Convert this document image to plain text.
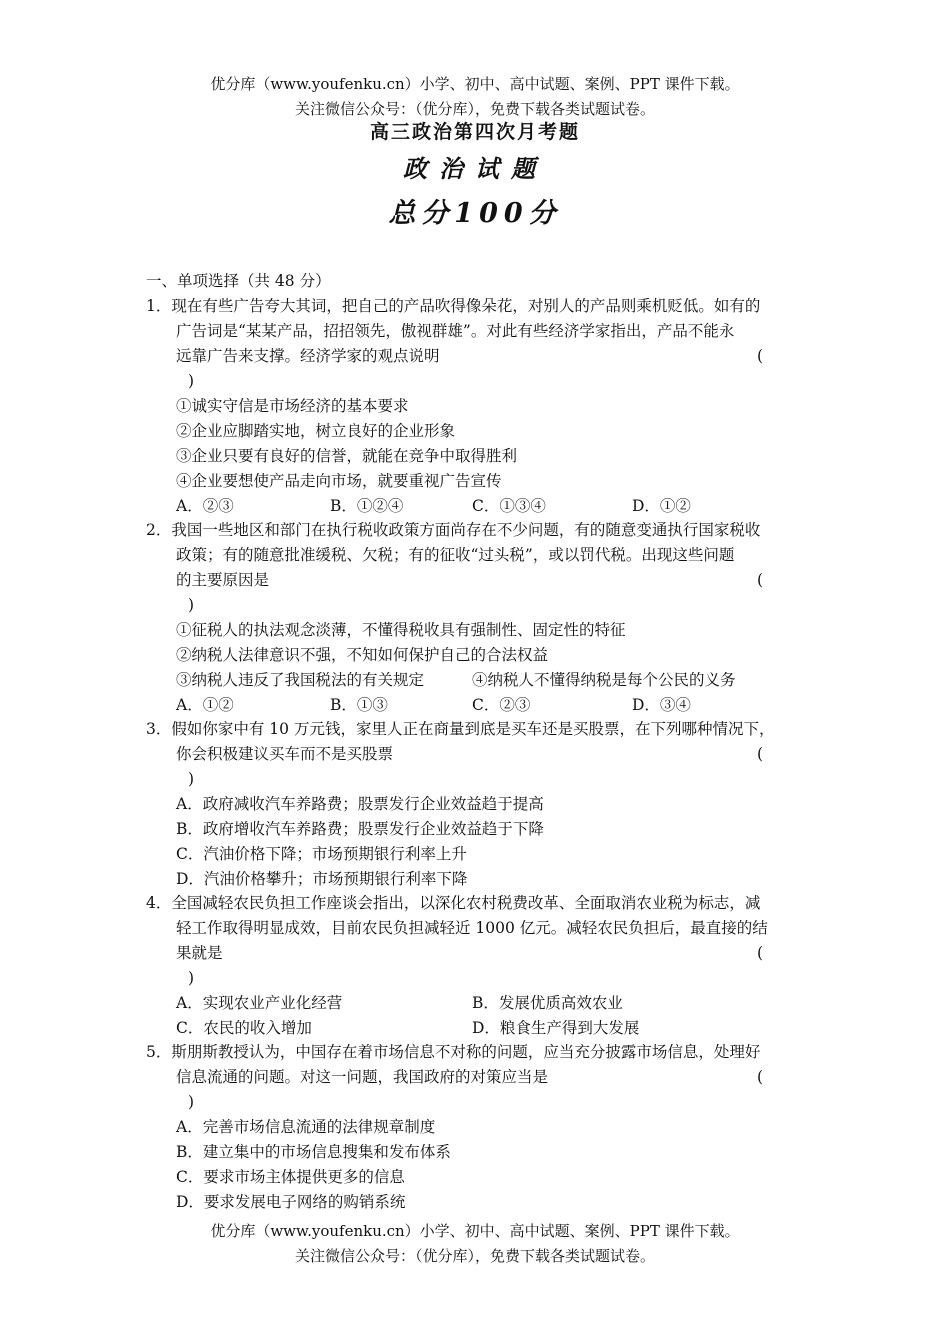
优分库（www.youfenku.cn）小学、初中、高中试题、案例、PPT 课件下载。
关注微信公众号：（优分库），免费下载各类试题试卷。
高三政治第四次月考题
政治试题
总分100分
一、单项选择（共 48 分）
1．现在有些广告夸大其词，把自己的产品吹得像朵花，对别人的产品则乘机贬低。如有的
广告词是“某某产品，招招领先，傲视群雄”。对此有些经济学家指出，产品不能永
远靠广告来支撑。经济学家的观点说明	(
)
①诚实守信是市场经济的基本要求
②企业应脚踏实地，树立良好的企业形象
③企业只要有良好的信誉，就能在竞争中取得胜利
④企业要想使产品走向市场，就要重视广告宣传
A．②③	B．①②④	C．①③④	D．①②
2．我国一些地区和部门在执行税收政策方面尚存在不少问题，有的随意变通执行国家税收
政策；有的随意批准缓税、欠税；有的征收“过头税”，或以罚代税。出现这些问题
的主要原因是	(
)
①征税人的执法观念淡薄，不懂得税收具有强制性、固定性的特征
②纳税人法律意识不强，不知如何保护自己的合法权益
③纳税人违反了我国税法的有关规定	④纳税人不懂得纳税是每个公民的义务
A．①②	B．①③	C．②③	D．③④
3．假如你家中有 10 万元钱，家里人正在商量到底是买车还是买股票，在下列哪种情况下，
你会积极建议买车而不是买股票	(
)
A．政府减收汽车养路费；股票发行企业效益趋于提高
B．政府增收汽车养路费；股票发行企业效益趋于下降
C．汽油价格下降；市场预期银行利率上升
D．汽油价格攀升；市场预期银行利率下降
4．全国减轻农民负担工作座谈会指出，以深化农村税费改革、全面取消农业税为标志，减
轻工作取得明显成效，目前农民负担减轻近 1000 亿元。减轻农民负担后，最直接的结
果就是	(
)
A．实现农业产业化经营	B．发展优质高效农业
C．农民的收入增加	D．粮食生产得到大发展
5．斯朋斯教授认为，中国存在着市场信息不对称的问题，应当充分披露市场信息，处理好
信息流通的问题。对这一问题，我国政府的对策应当是	(
)
A．完善市场信息流通的法律规章制度
B．建立集中的市场信息搜集和发布体系
C．要求市场主体提供更多的信息
D．要求发展电子网络的购销系统
优分库（www.youfenku.cn）小学、初中、高中试题、案例、PPT 课件下载。
关注微信公众号：（优分库），免费下载各类试题试卷。
